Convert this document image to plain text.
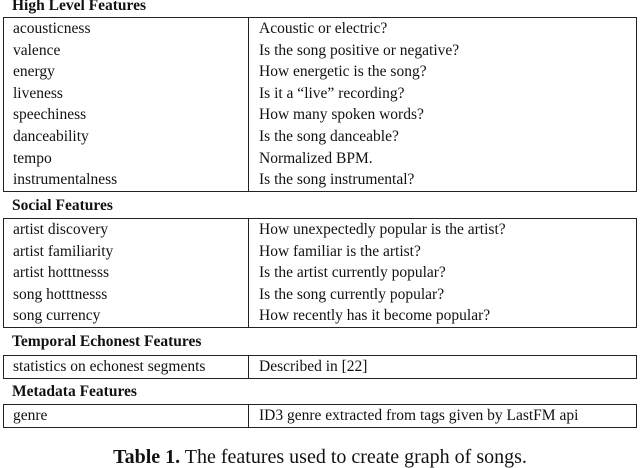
High Level Features
acousticness	Acoustic or electric?
valence	Is the song positive or negative?
energy	How energetic is the song?
liveness	Is it a “live” recording?
speechiness	How many spoken words?
danceability	Is the song danceable?
tempo	Normalized BPM.
instrumentalness	Is the song instrumental?
Social Features
artist discovery	How unexpectedly popular is the artist?
artist familiarity	How familiar is the artist?
artist hotttnesss	Is the artist currently popular?
song hotttnesss	Is the song currently popular?
song currency	How recently has it become popular?
Temporal Echonest Features
statistics on echonest segments	Described in [22]
Metadata Features
genre	ID3 genre extracted from tags given by LastFM api
Table 1. The features used to create graph of songs.
